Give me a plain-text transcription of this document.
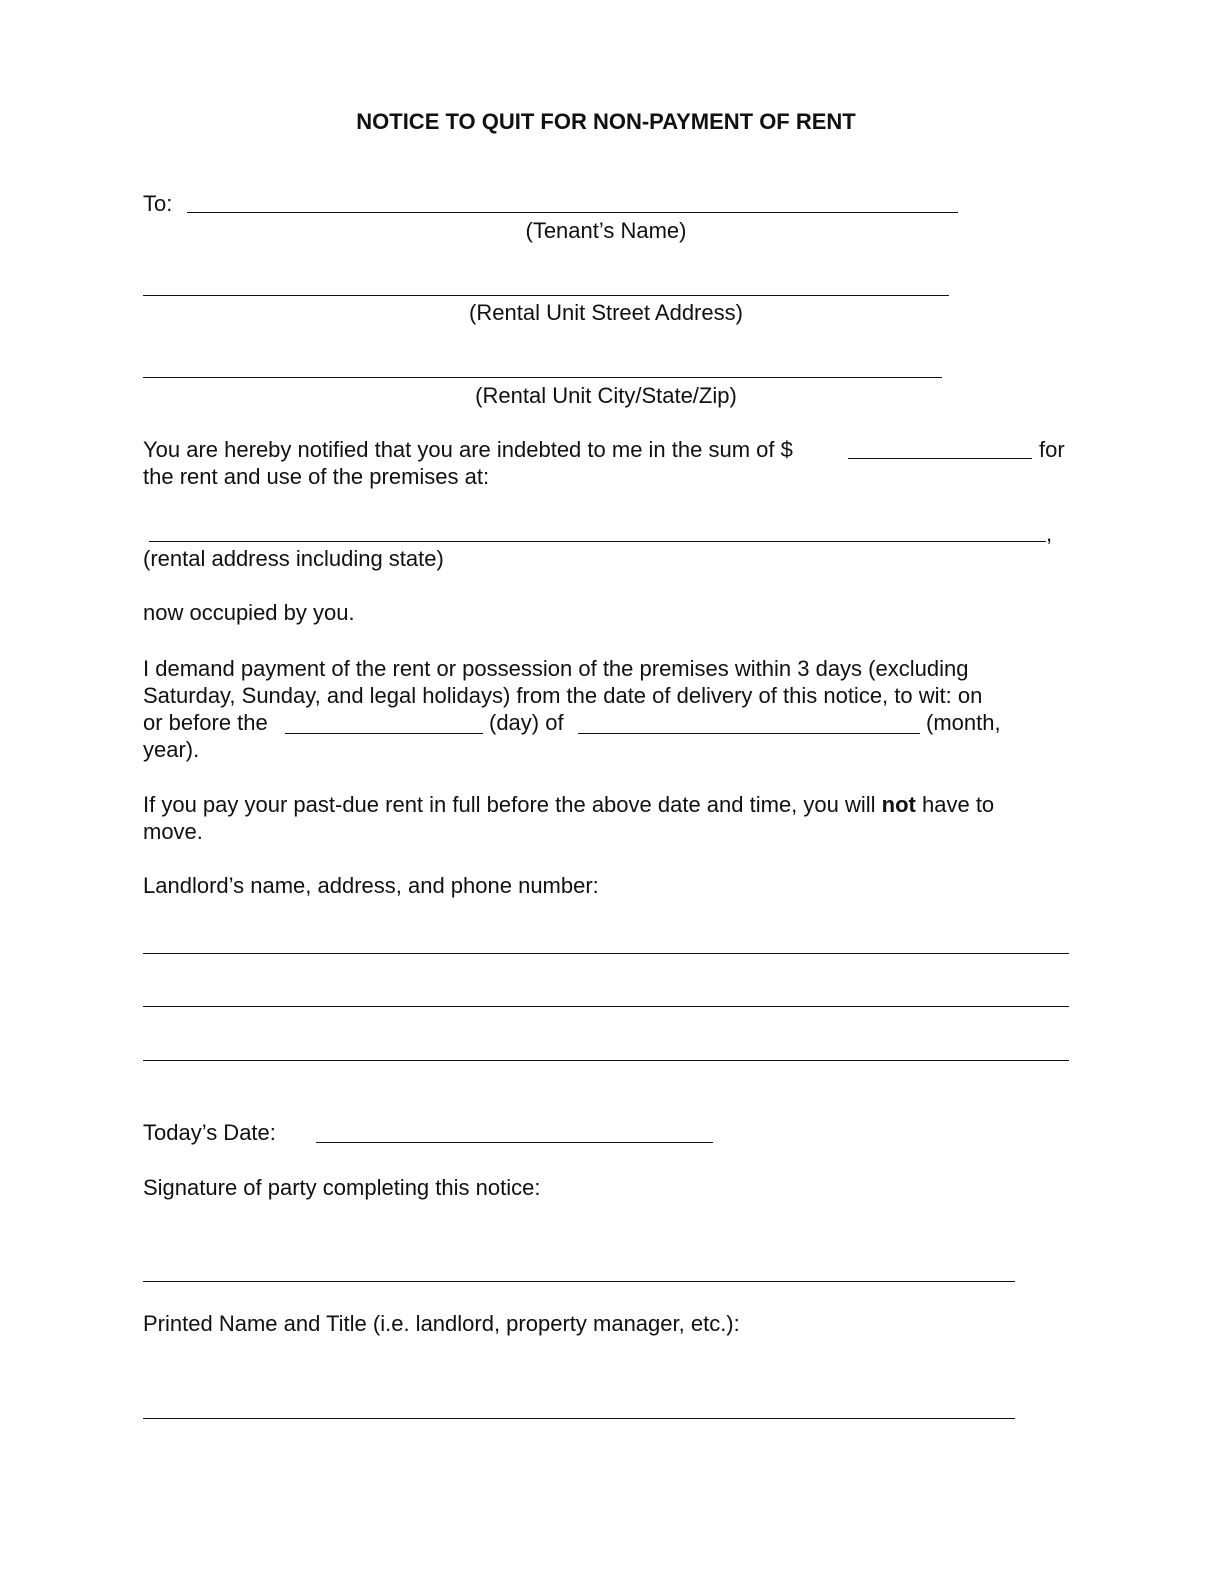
NOTICE TO QUIT FOR NON-PAYMENT OF RENT
To:
(Tenant’s Name)
(Rental Unit Street Address)
(Rental Unit City/State/Zip)
You are hereby notified that you are indebted to me in the sum of $	for
the rent and use of the premises at:
,
(rental address including state)
now occupied by you.
I demand payment of the rent or possession of the premises within 3 days (excluding
Saturday, Sunday, and legal holidays) from the date of delivery of this notice, to wit: on
or before the	(day) of	(month,
year).
If you pay your past-due rent in full before the above date and time, you will not have to
move.
Landlord’s name, address, and phone number:
Today’s Date:
Signature of party completing this notice:
Printed Name and Title (i.e. landlord, property manager, etc.):
